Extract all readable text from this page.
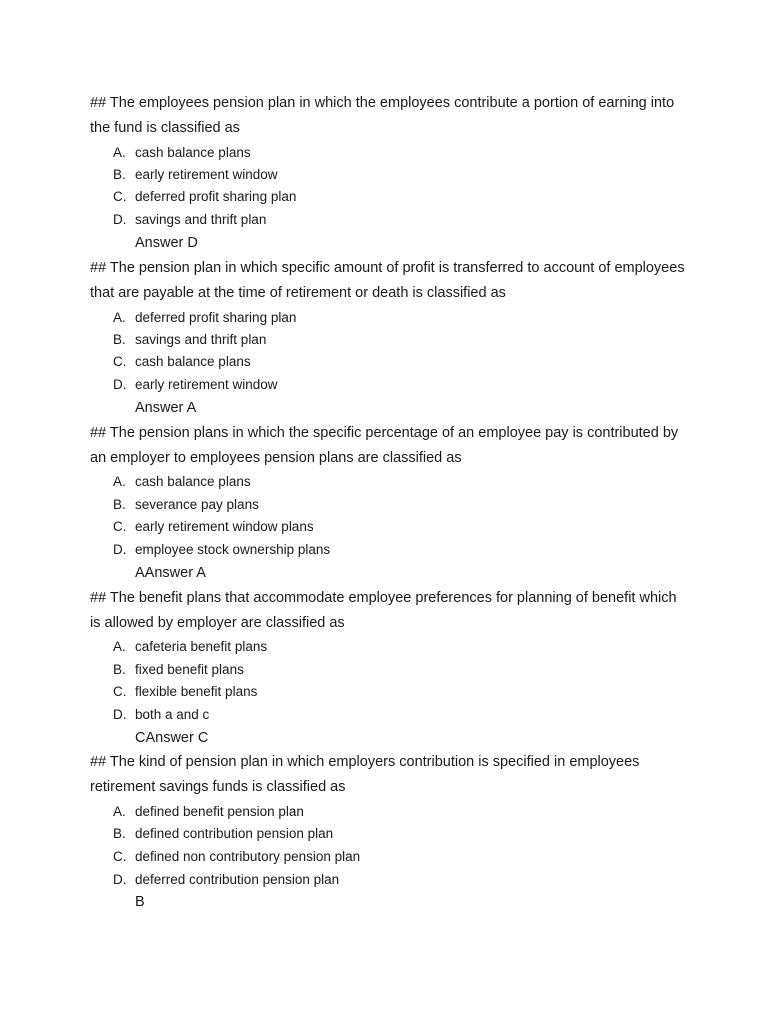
## The employees pension plan in which the employees contribute a portion of earning into the fund is classified as
A. cash balance plans
B. early retirement window
C. deferred profit sharing plan
D. savings and thrift plan
Answer D
## The pension plan in which specific amount of profit is transferred to account of employees that are payable at the time of retirement or death is classified as
A. deferred profit sharing plan
B. savings and thrift plan
C. cash balance plans
D. early retirement window
Answer A
## The pension plans in which the specific percentage of an employee pay is contributed by an employer to employees pension plans are classified as
A. cash balance plans
B. severance pay plans
C. early retirement window plans
D. employee stock ownership plans
AAnswer A
## The benefit plans that accommodate employee preferences for planning of benefit which is allowed by employer are classified as
A. cafeteria benefit plans
B. fixed benefit plans
C. flexible benefit plans
D. both a and c
CAnswer C
## The kind of pension plan in which employers contribution is specified in employees retirement savings funds is classified as
A. defined benefit pension plan
B. defined contribution pension plan
C. defined non contributory pension plan
D. deferred contribution pension plan
B
